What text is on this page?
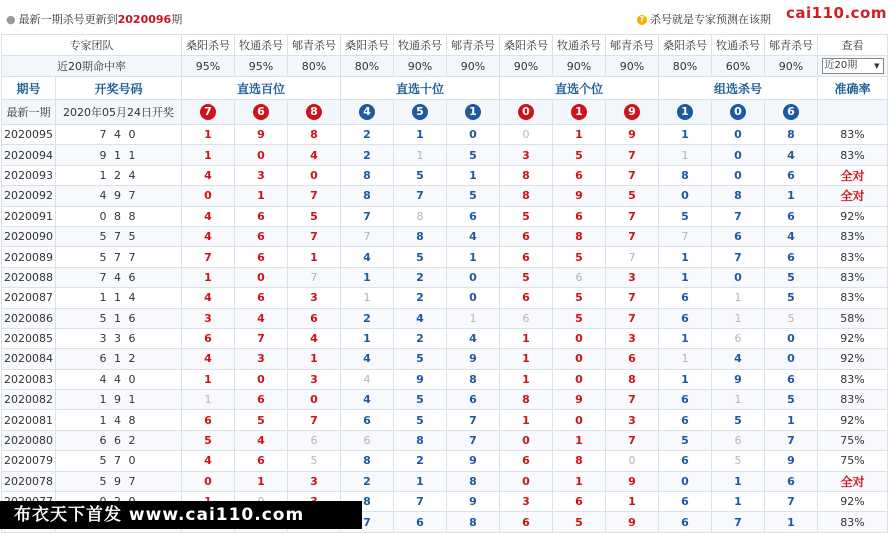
● 最新一期杀号更新到2020096期	? 杀号就是专家预测在该期 cai110.com
专家团队		桑阳杀号	牧通杀号	郇青杀号	桑阳杀号	牧通杀号	郇青杀号	桑阳杀号	牧通杀号	郇青杀号	桑阳杀号	牧通杀号	郇青杀号	查看
近20期命中率		95%	95%	80%	80%	90%	90%	90%	90%	90%	80%	60%	90%	近20期 ▼

期号	开奖号码	直选百位			直选十位			直选个位			组选杀号			准确率
最新一期	2020年05月24日开奖	7	6	8	4	5	1	0	1	9	1	0	6	
2020095	7 4 0	1	9	8	2	1	0	0	1	9	1	0	8	83%
2020094	9 1 1	1	0	4	2	1	5	3	5	7	1	0	4	83%
2020093	1 2 4	4	3	0	8	5	1	8	6	7	8	0	6	全对
2020092	4 9 7	0	1	7	8	7	5	8	9	5	0	8	1	全对
2020091	0 8 8	4	6	5	7	8	6	5	6	7	5	7	6	92%
2020090	5 7 5	4	6	7	7	8	4	6	8	7	7	6	4	83%
2020089	5 7 7	7	6	1	4	5	1	6	5	7	1	7	6	83%
2020088	7 4 6	1	0	7	1	2	0	5	6	3	1	0	5	83%
2020087	1 1 4	4	6	3	1	2	0	6	5	7	6	1	5	83%
2020086	5 1 6	3	4	6	2	4	1	6	5	7	6	1	5	58%
2020085	3 3 6	6	7	4	1	2	4	1	0	3	1	6	0	92%
2020084	6 1 2	4	3	1	4	5	9	1	0	6	1	4	0	92%
2020083	4 4 0	1	0	3	4	9	8	1	0	8	1	9	6	83%
2020082	1 9 1	1	6	0	4	5	6	8	9	7	6	1	5	83%
2020081	1 4 8	6	5	7	6	5	7	1	0	3	6	5	1	92%
2020080	6 6 2	5	4	6	6	8	7	0	1	7	5	6	7	75%
2020079	5 7 0	4	6	5	8	2	9	6	8	0	6	5	9	75%
2020078	5 9 7	0	1	3	2	1	8	0	1	9	0	1	6	全对
					8	7	9	3	6	1	6	1	7	92%
					7	6	8	6	5	9	6	7	1	83%
布衣天下首发 www.cai110.com
